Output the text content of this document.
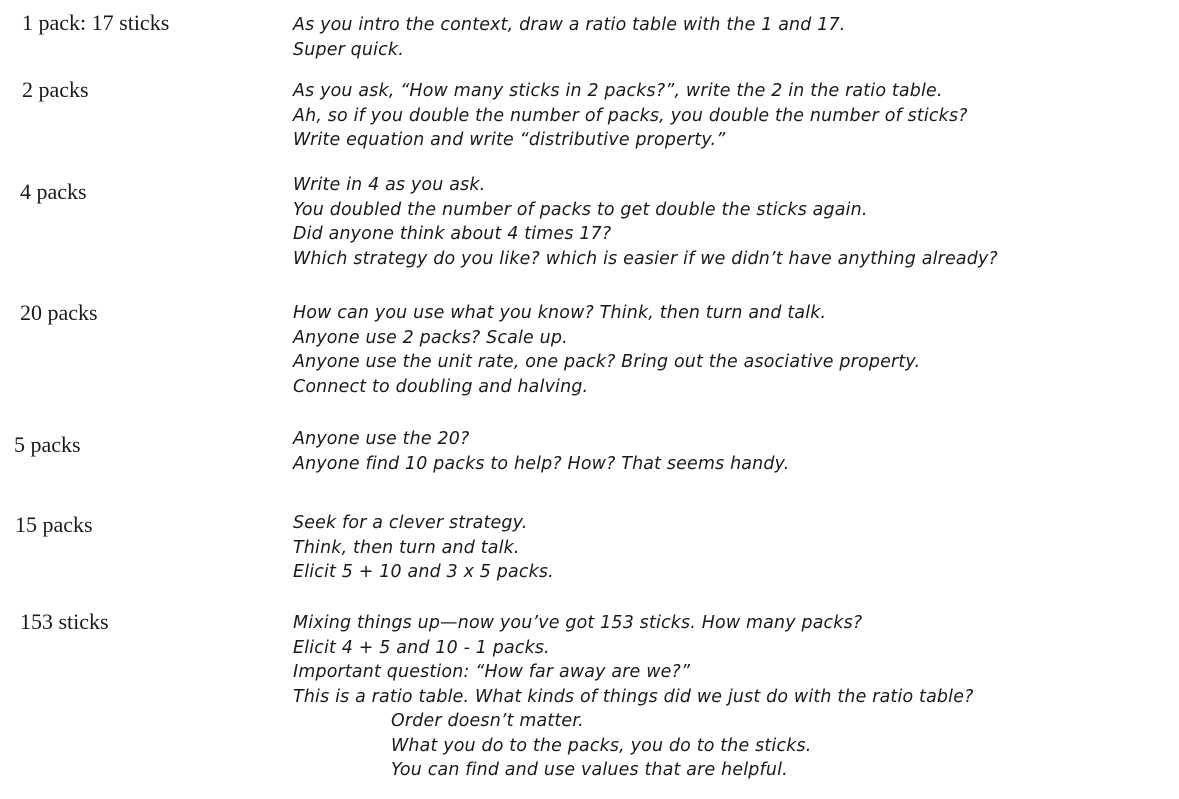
1 pack: 17 sticks	As you intro the context, draw a ratio table with the 1 and 17.
Super quick.
2 packs	As you ask, “How many sticks in 2 packs?”, write the 2 in the ratio table.
Ah, so if you double the number of packs, you double the number of sticks?
Write equation and write “distributive property.”
4 packs	Write in 4 as you ask.
You doubled the number of packs to get double the sticks again.
Did anyone think about 4 times 17?
Which strategy do you like? which is easier if we didn’t have anything already?
20 packs	How can you use what you know? Think, then turn and talk.
Anyone use 2 packs? Scale up.
Anyone use the unit rate, one pack? Bring out the asociative property.
Connect to doubling and halving.
5 packs	Anyone use the 20?
Anyone find 10 packs to help? How? That seems handy.
15 packs	Seek for a clever strategy.
Think, then turn and talk.
Elicit 5 + 10 and 3 x 5 packs.
153 sticks	Mixing things up—now you’ve got 153 sticks. How many packs?
Elicit 4 + 5 and 10 - 1 packs.
Important question: “How far away are we?”
This is a ratio table. What kinds of things did we just do with the ratio table?
Order doesn’t matter.
What you do to the packs, you do to the sticks.
You can find and use values that are helpful.
